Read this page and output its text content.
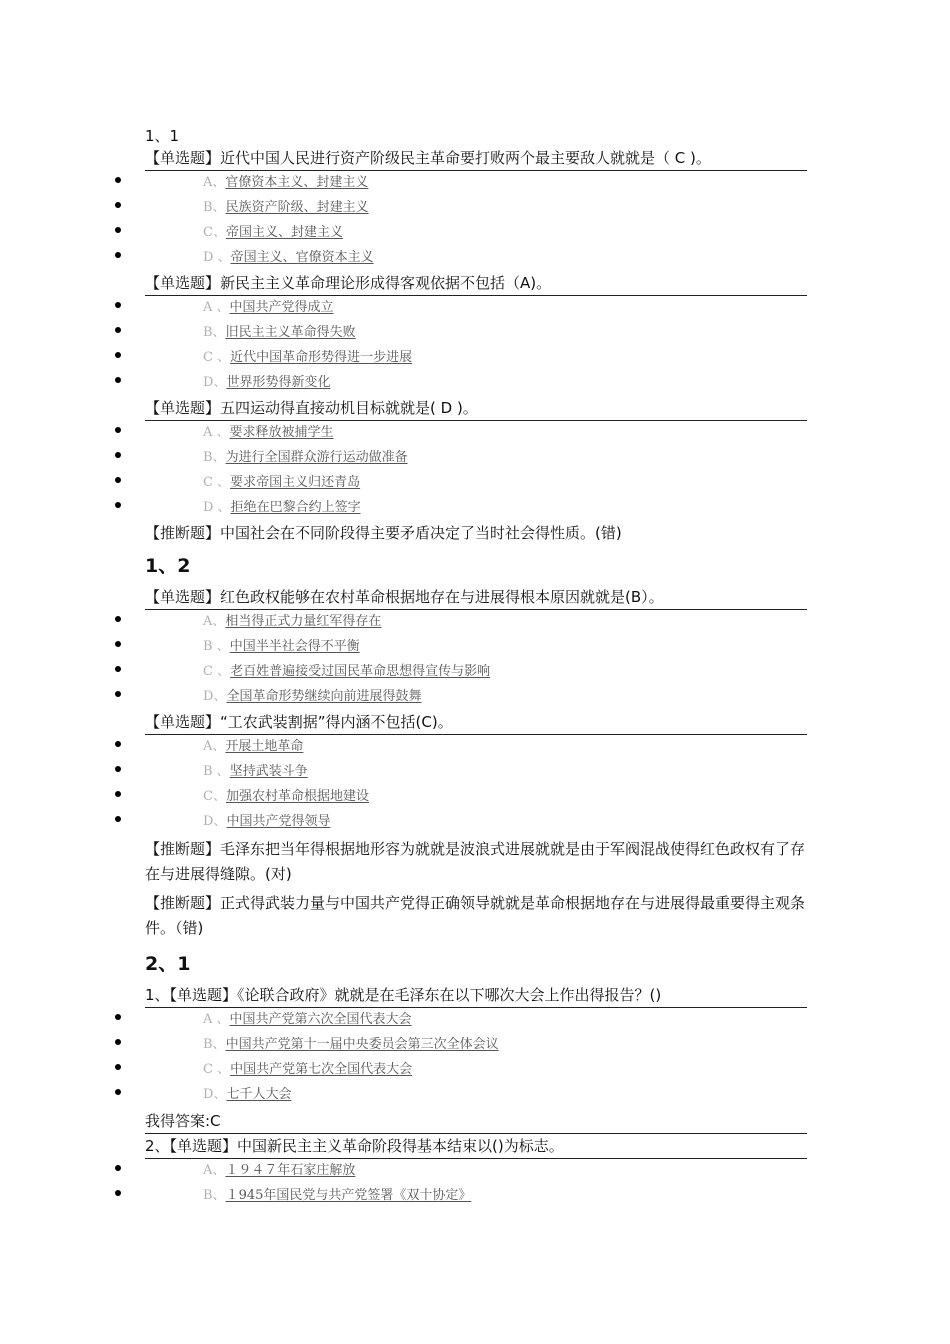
1、1

【单选题】近代中国人民进行资产阶级民主革命要打败两个最主要敌人就就是（ C )。

A、官僚资本主义、封建主义
B、民族资产阶级、封建主义
C、帝国主义、封建主义
D 、帝国主义、官僚资本主义

【单选题】新民主主义革命理论形成得客观依据不包括（A)。

A 、中国共产党得成立
B、旧民主主义革命得失败
C 、近代中国革命形势得进一步进展
D、世界形势得新变化

【单选题】五四运动得直接动机目标就就是( D )。

A 、要求释放被捕学生
B、为进行全国群众游行运动做准备
C 、要求帝国主义归还青岛
D 、拒绝在巴黎合约上签字

【推断题】中国社会在不同阶段得主要矛盾决定了当时社会得性质。(错)

1、2

【单选题】红色政权能够在农村革命根据地存在与进展得根本原因就就是(B）。

A、相当得正式力量红军得存在
B 、中国半半社会得不平衡
C 、老百姓普遍接受过国民革命思想得宣传与影响
D、全国革命形势继续向前进展得鼓舞

【单选题】“工农武装割据”得内涵不包括(C)。

A、开展土地革命
B 、坚持武装斗争
C、加强农村革命根据地建设
D、中国共产党得领导

【推断题】毛泽东把当年得根据地形容为就就是波浪式进展就就是由于军阀混战使得红色政权有了存在与进展得缝隙。(对)

【推断题】正式得武装力量与中国共产党得正确领导就就是革命根据地存在与进展得最重要得主观条件。（错)

2、1

1、【单选题】《论联合政府》就就是在毛泽东在以下哪次大会上作出得报告？()

A 、中国共产党第六次全国代表大会
B、中国共产党第十一届中央委员会第三次全体会议
C 、中国共产党第七次全国代表大会
D、七千人大会

我得答案:C

2、【单选题】中国新民主主义革命阶段得基本结束以()为标志。

A、１９４７年石家庄解放
B、１945年国民党与共产党签署《双十协定》
